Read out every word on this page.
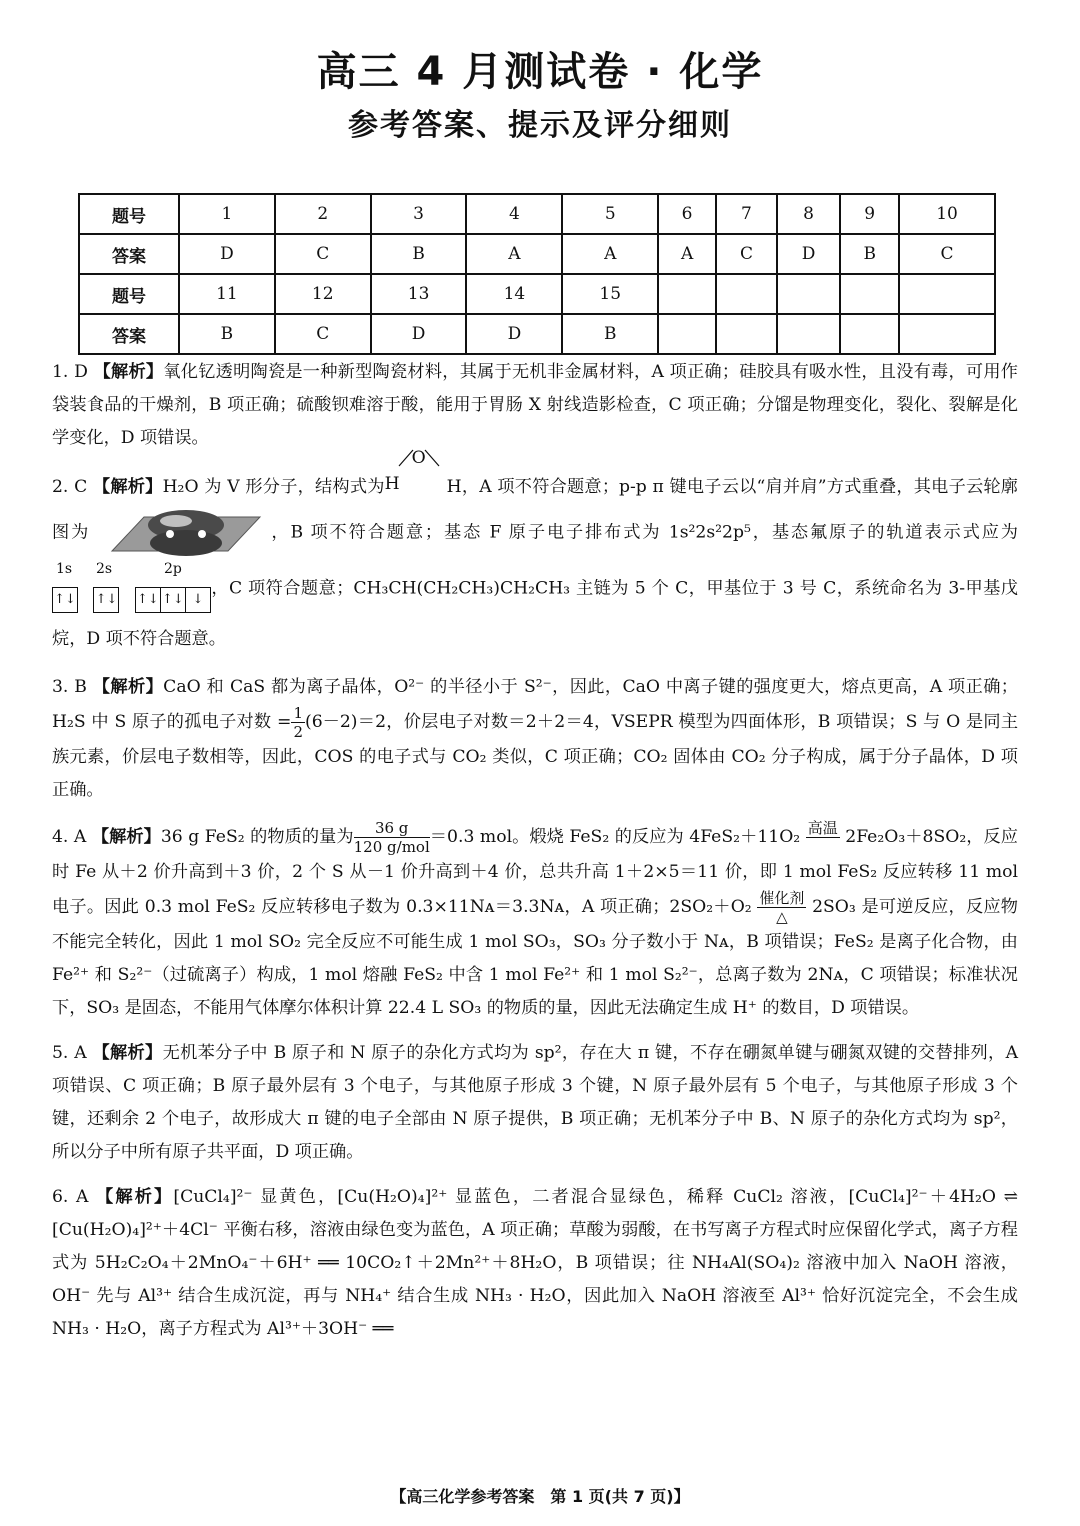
高三 4 月测试卷 · 化学
参考答案、提示及评分细则
题号	1	2	3	4	5	6	7	8	9	10
答案	D	C	B	A	A	A	C	D	B	C
题号	11	12	13	14	15					
答案	B	C	D	D	B					

1. D 【解析】氧化钇透明陶瓷是一种新型陶瓷材料，其属于无机非金属材料，A 项正确；硅胶具有吸水性，且没有毒，可用作袋装食品的干燥剂，B 项正确；硫酸钡难溶于酸，能用于胃肠 X 射线造影检查，C 项正确；分馏是物理变化，裂化、裂解是化学变化，D 项错误。

2. C 【解析】H₂O 为 V 形分子，结构式为 H
O
H，A 项不符合题意；p-p π 键电子云以“肩并肩”方式重叠，其电子云轮廓图为	，B 项不符合题意；基态 F 原子电子排布式为 1s²2s²2p⁵，基态氟原子的轨道表示式应为
1s 2s	2p
↑↓ ↑↓ ↑↓ ↑↓ ↓，C 项符合题意；CH₃CH(CH₂CH₃)CH₂CH₃ 主链为 5 个 C，甲基位于 3 号 C，系统命名为 3-甲基戊烷，D 项不符合题意。

3. B 【解析】CaO 和 CaS 都为离子晶体，O²⁻ 的半径小于 S²⁻，因此，CaO 中离子键的强度更大，熔点更高，A 项正确；H₂S 中 S 原子的孤电子对数 = $\frac{1}{2} (6-2)=2$，价层电子对数＝2＋2＝4，VSEPR 模型为四面体形，B 项错误；S 与 O 是同主族元素，价层电子数相等，因此，COS 的电子式与 CO₂ 类似，C 项正确；CO₂ 固体由 CO₂ 分子构成，属于分子晶体，D 项正确。

4. A 【解析】36 g FeS₂ 的物质的量为 $\frac{36 g}{\text{120 g/mol}} =0.3$ mol。煅烧 FeS₂ 的反应为 4FeS₂＋11O₂ 高温
2Fe₂O₃＋8SO₂，反应时 Fe 从＋2 价升高到＋3 价，2 个 S 从－1 价升高到＋4 价，总共升高 1＋2×5＝11 价，即 1 mol FeS₂ 反应转移 11 mol 电子。因此 0.3 mol FeS₂ 反应转移电子数为 0.3×11Nᴀ＝3.3Nᴀ，A 项正确；$2SO_2+O_2 \frac{\text{催化剂}}{\triangle} 2SO_3$ 是可逆反应，反应物不能完全转化，因此 1 mol SO₂ 完全反应不可能生成 1 mol SO₃，SO₃ 分子数小于 Nᴀ，B 项错误；FeS₂ 是离子化合物，由 Fe²⁺ 和 S₂²⁻（过硫离子）构成，1 mol 熔融 FeS₂ 中含 1 mol Fe²⁺ 和 1 mol S₂²⁻，总离子数为 2Nᴀ，C 项错误；标准状况下，SO₃ 是固态，不能用气体摩尔体积计算 22.4 L SO₃ 的物质的量，因此无法确定生成 H⁺ 的数目，D 项错误。

5. A 【解析】无机苯分子中 B 原子和 N 原子的杂化方式均为 sp²，存在大 π 键，不存在硼氮单键与硼氮双键的交替排列，A 项错误、C 项正确；B 原子最外层有 3 个电子，与其他原子形成 3 个键，N 原子最外层有 5 个电子，与其他原子形成 3 个键，还剩余 2 个电子，故形成大 π 键的电子全部由 N 原子提供，B 项正确；无机苯分子中 B、N 原子的杂化方式均为 sp²，所以分子中所有原子共平面，D 项正确。

6. A 【解析】[CuCl₄]²⁻ 显黄色，[Cu(H₂O)₄]²⁺ 显蓝色，二者混合显绿色，稀释 CuCl₂ 溶液，[CuCl₄]²⁻＋4H₂O ⇌ [Cu(H₂O)₄]²⁺＋4Cl⁻ 平衡右移，溶液由绿色变为蓝色，A 项正确；草酸为弱酸，在书写离子方程式时应保留化学式，离子方程式为 5H₂C₂O₄＋2MnO₄⁻＋6H⁺ ══ 10CO₂↑＋2Mn²⁺＋8H₂O，B 项错误；往 NH₄Al(SO₄)₂ 溶液中加入 NaOH 溶液，OH⁻ 先与 Al³⁺ 结合生成沉淀，再与 NH₄⁺ 结合生成 NH₃ · H₂O，因此加入 NaOH 溶液至 Al³⁺ 恰好沉淀完全，不会生成 NH₃ · H₂O，离子方程式为 Al³⁺＋3OH⁻ ══

【高三化学参考答案　第 1 页(共 7 页)】
